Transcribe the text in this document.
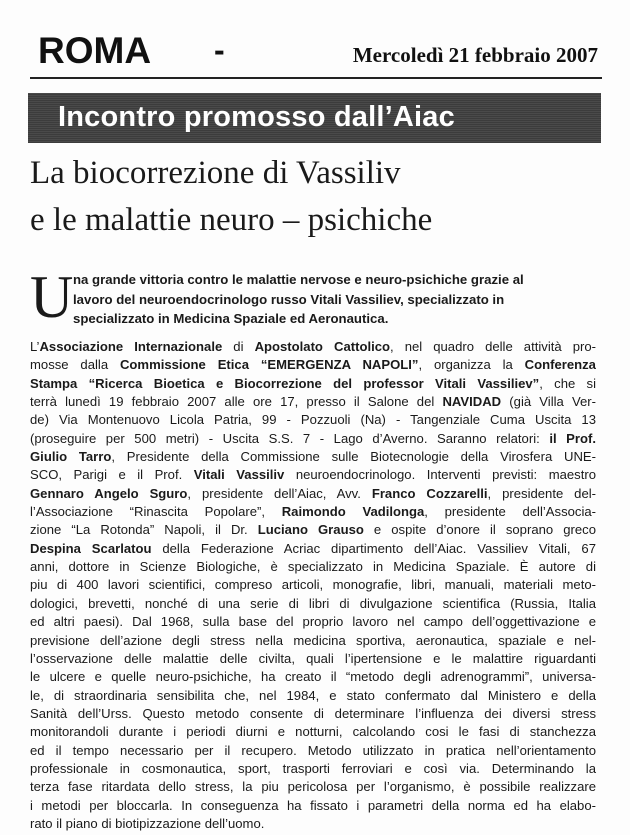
ROMA -	Mercoledì 21 febbraio 2007
Incontro promosso dall’Aiac
La biocorrezione di Vassiliv
e le malattie neuro – psichiche
U na grande vittoria contro le malattie nervose e neuro-psichiche grazie al
lavoro del neuroendocrinologo russo Vitali Vassiliev, specializzato in
specializzato in Medicina Spaziale ed Aeronautica.
L’Associazione Internazionale di Apostolato Cattolico, nel quadro delle attività pro-
mosse dalla Commissione Etica “EMERGENZA NAPOLI”, organizza la Conferenza
Stampa “Ricerca Bioetica e Biocorrezione del professor Vitali Vassiliev”, che si
terrà lunedì 19 febbraio 2007 alle ore 17, presso il Salone del NAVIDAD (già Villa Ver-
de) Via Montenuovo Licola Patria, 99 - Pozzuoli (Na) - Tangenziale Cuma Uscita 13
(proseguire per 500 metri) - Uscita S.S. 7 - Lago d’Averno. Saranno relatori: il Prof.
Giulio Tarro, Presidente della Commissione sulle Biotecnologie della Virosfera UNE-
SCO, Parigi e il Prof. Vitali Vassiliv neuroendocrinologo. Interventi previsti: maestro
Gennaro Angelo Sguro, presidente dell’Aiac, Avv. Franco Cozzarelli, presidente del-
l’Associazione “Rinascita Popolare”, Raimondo Vadilonga, presidente dell’Associa-
zione “La Rotonda” Napoli, il Dr. Luciano Grauso e ospite d’onore il soprano greco
Despina Scarlatou della Federazione Acriac dipartimento dell’Aiac. Vassiliev Vitali, 67
anni, dottore in Scienze Biologiche, è specializzato in Medicina Spaziale. È autore di
piu di 400 lavori scientifici, compreso articoli, monografie, libri, manuali, materiali meto-
dologici, brevetti, nonché di una serie di libri di divulgazione scientifica (Russia, Italia
ed altri paesi). Dal 1968, sulla base del proprio lavoro nel campo dell’oggettivazione e
previsione dell’azione degli stress nella medicina sportiva, aeronautica, spaziale e nel-
l’osservazione delle malattie delle civilta, quali l’ipertensione e le malattire riguardanti
le ulcere e quelle neuro-psichiche, ha creato il “metodo degli adrenogrammi”, universa-
le, di straordinaria sensibilita che, nel 1984, e stato confermato dal Ministero e della
Sanità dell’Urss. Questo metodo consente di determinare l’influenza dei diversi stress
monitorandoli durante i periodi diurni e notturni, calcolando cosi le fasi di stanchezza
ed il tempo necessario per il recupero. Metodo utilizzato in pratica nell’orientamento
professionale in cosmonautica, sport, trasporti ferroviari e così via. Determinando la
terza fase ritardata dello stress, la piu pericolosa per l’organismo, è possibile realizzare
i metodi per bloccarla. In conseguenza ha fissato i parametri della norma ed ha elabo-
rato il piano di biotipizzazione dell’uomo.
